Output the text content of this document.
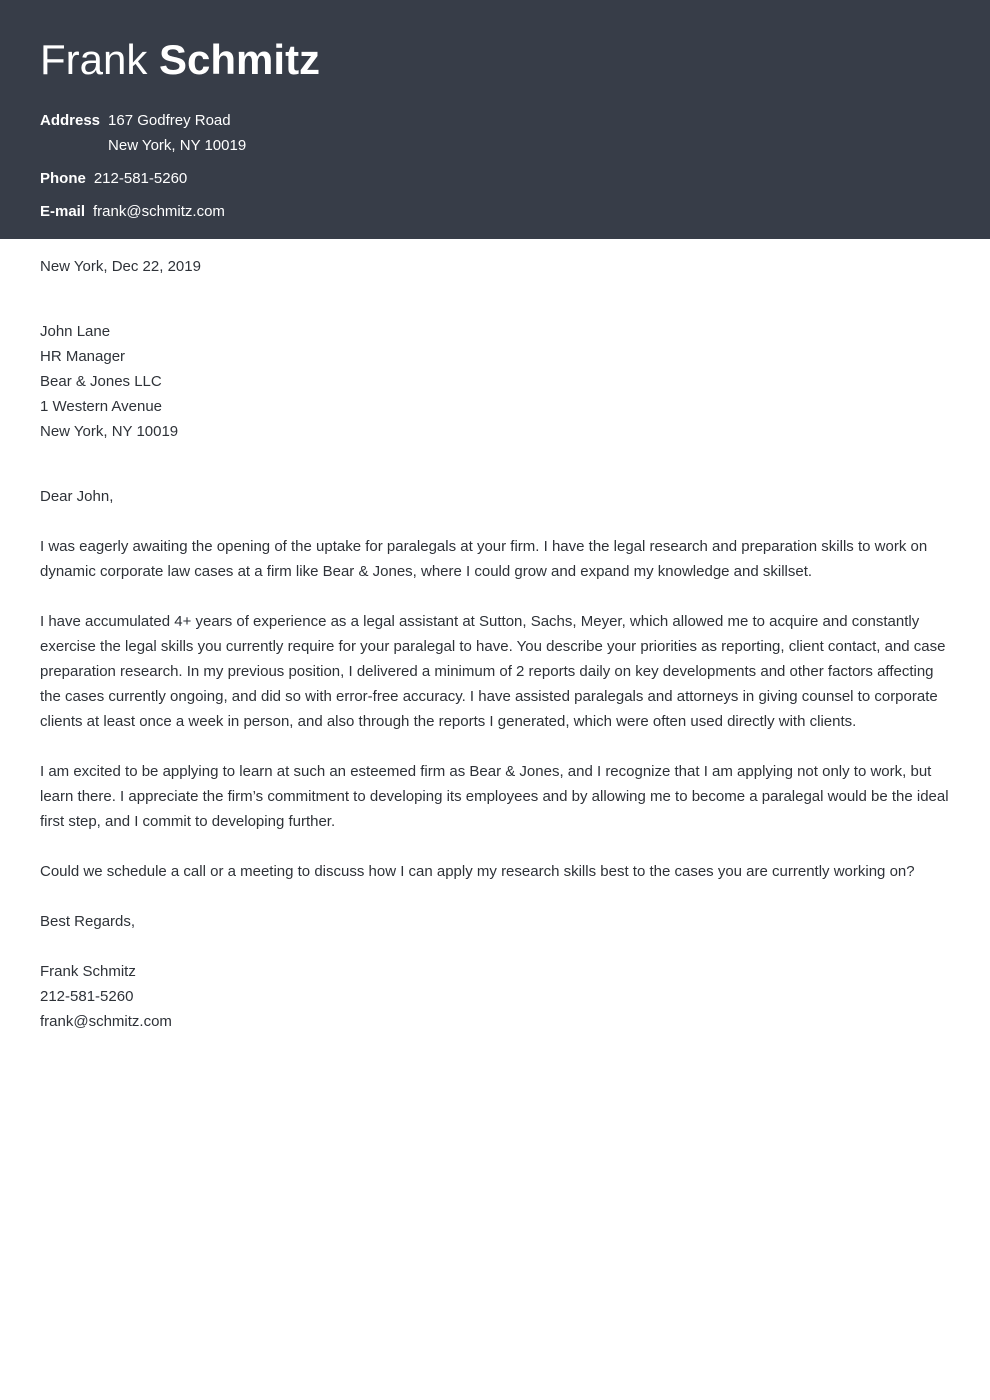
Frank Schmitz
Address 167 Godfrey Road
New York, NY 10019
Phone 212-581-5260
E-mail frank@schmitz.com

New York, Dec 22, 2019

John Lane
HR Manager
Bear & Jones LLC
1 Western Avenue
New York, NY 10019

Dear John,

I was eagerly awaiting the opening of the uptake for paralegals at your firm. I have the legal research and preparation skills to work on dynamic corporate law cases at a firm like Bear & Jones, where I could grow and expand my knowledge and skillset.

I have accumulated 4+ years of experience as a legal assistant at Sutton, Sachs, Meyer, which allowed me to acquire and constantly exercise the legal skills you currently require for your paralegal to have. You describe your priorities as reporting, client contact, and case preparation research. In my previous position, I delivered a minimum of 2 reports daily on key developments and other factors affecting the cases currently ongoing, and did so with error-free accuracy. I have assisted paralegals and attorneys in giving counsel to corporate clients at least once a week in person, and also through the reports I generated, which were often used directly with clients.

I am excited to be applying to learn at such an esteemed firm as Bear & Jones, and I recognize that I am applying not only to work, but learn there. I appreciate the firm’s commitment to developing its employees and by allowing me to become a paralegal would be the ideal first step, and I commit to developing further.

Could we schedule a call or a meeting to discuss how I can apply my research skills best to the cases you are currently working on?

Best Regards,

Frank Schmitz
212-581-5260
frank@schmitz.com
